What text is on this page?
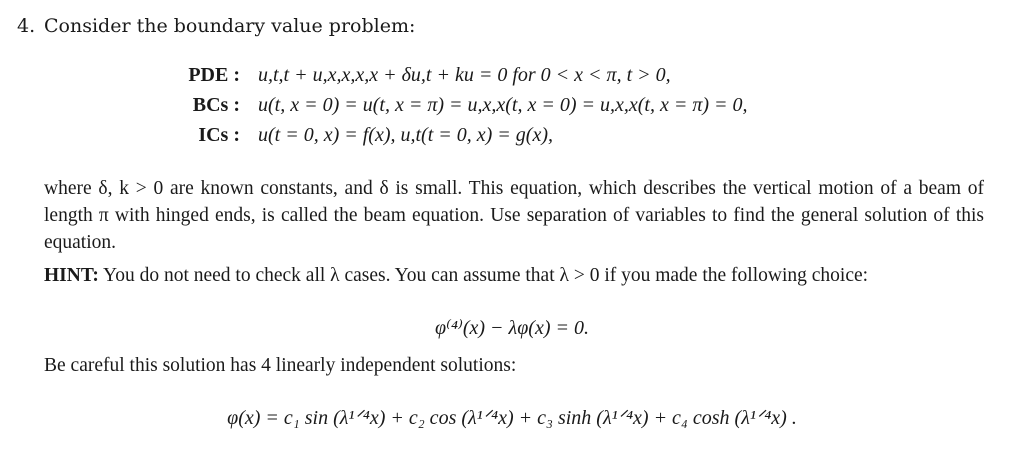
4. Consider the boundary value problem:
PDE : u,t,t + u,x,x,x,x + δu,t + ku = 0 for 0 < x < π, t > 0,
BCs : u(t, x = 0) = u(t, x = π) = u,x,x(t, x = 0) = u,x,x(t, x = π) = 0,
ICs : u(t = 0, x) = f(x), u,t(t = 0, x) = g(x),
where δ, k > 0 are known constants, and δ is small. This equation, which describes the vertical motion of a beam of length π with hinged ends, is called the beam equation. Use separation of variables to find the general solution of this equation.
HINT: You do not need to check all λ cases. You can assume that λ > 0 if you made the following choice:
φ⁽⁴⁾(x) − λφ(x) = 0.
Be careful this solution has 4 linearly independent solutions:
φ(x) = c₁ sin (λ¹ᐟ⁴x) + c₂ cos (λ¹ᐟ⁴x) + c₃ sinh (λ¹ᐟ⁴x) + c₄ cosh (λ¹ᐟ⁴x) .
